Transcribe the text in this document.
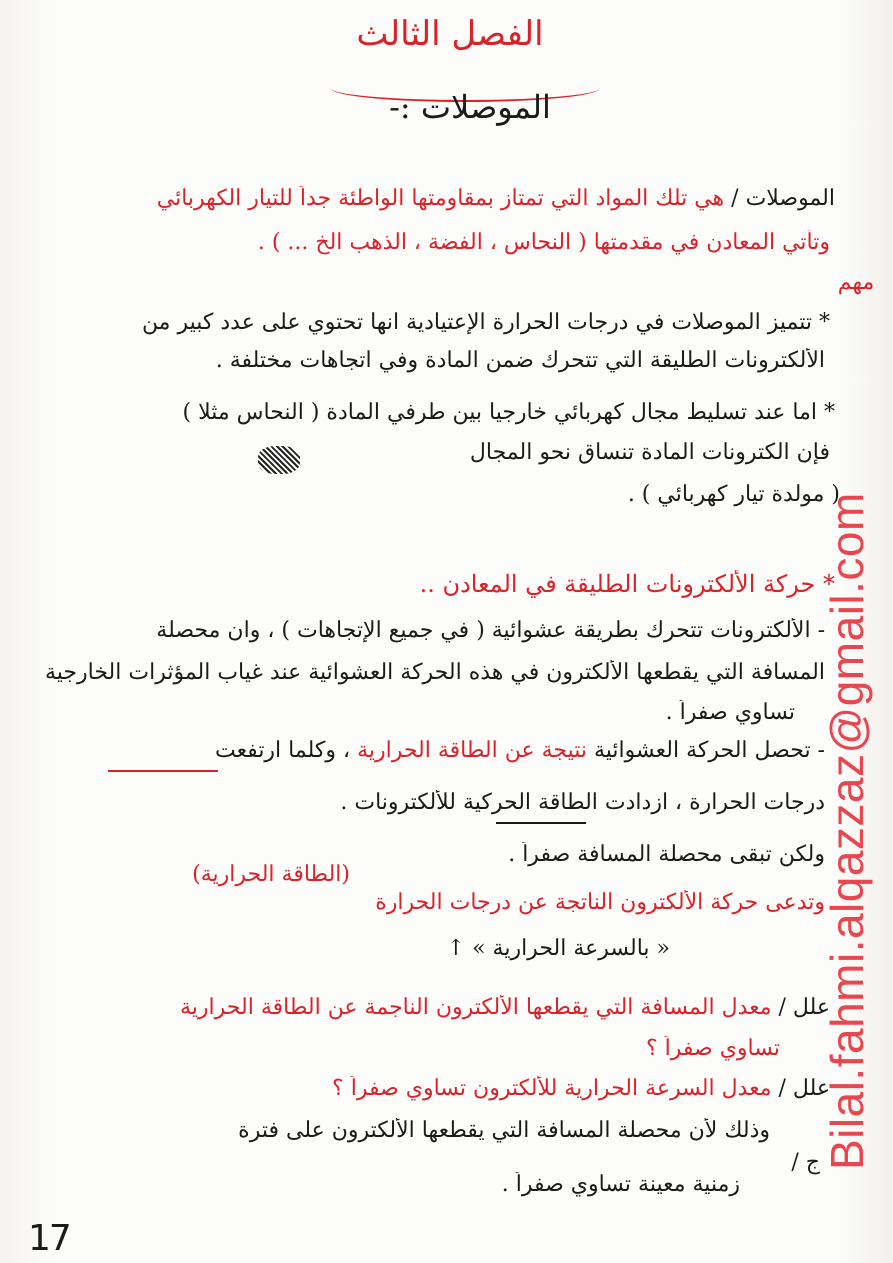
الفصل الثالث
الموصلات :-
الموصلات / هي تلك المواد التي تمتاز بمقاومتها الواطئة جداً للتيار الكهربائي
وتأتي المعادن في مقدمتها ( النحاس ، الفضة ، الذهب الخ ... ) .
مهم
* تتميز الموصلات في درجات الحرارة الإعتيادية انها تحتوي على عدد كبير من
الألكترونات الطليقة التي تتحرك ضمن المادة وفي اتجاهات مختلفة .
* اما عند تسليط مجال كهربائي خارجيا بين طرفي المادة ( النحاس مثلا )
فإن الكترونات المادة تنساق نحو المجال
( مولدة تيار كهربائي ) .
* حركة الألكترونات الطليقة في المعادن ..
- الألكترونات تتحرك بطريقة عشوائية ( في جميع الإتجاهات ) ، وان محصلة
المسافة التي يقطعها الألكترون في هذه الحركة العشوائية عند غياب المؤثرات الخارجية
تساوي صفراً .
- تحصل الحركة العشوائية نتيجة عن الطاقة الحرارية ، وكلما ارتفعت
درجات الحرارة ، ازدادت الطاقة الحركية للألكترونات .
ولكن تبقى محصلة المسافة صفراً .
(الطاقة الحرارية)
وتدعى حركة الألكترون الناتجة عن درجات الحرارة
« بالسرعة الحرارية » ↑
علل / معدل المسافة التي يقطعها الألكترون الناجمة عن الطاقة الحرارية
تساوي صفراً ؟
علل / معدل السرعة الحرارية للألكترون تساوي صفراً ؟
وذلك لأن محصلة المسافة التي يقطعها الألكترون على فترة
ج /
زمنية معينة تساوي صفراً .
Bilal.fahmi.alqazzaz@gmail.com
17
